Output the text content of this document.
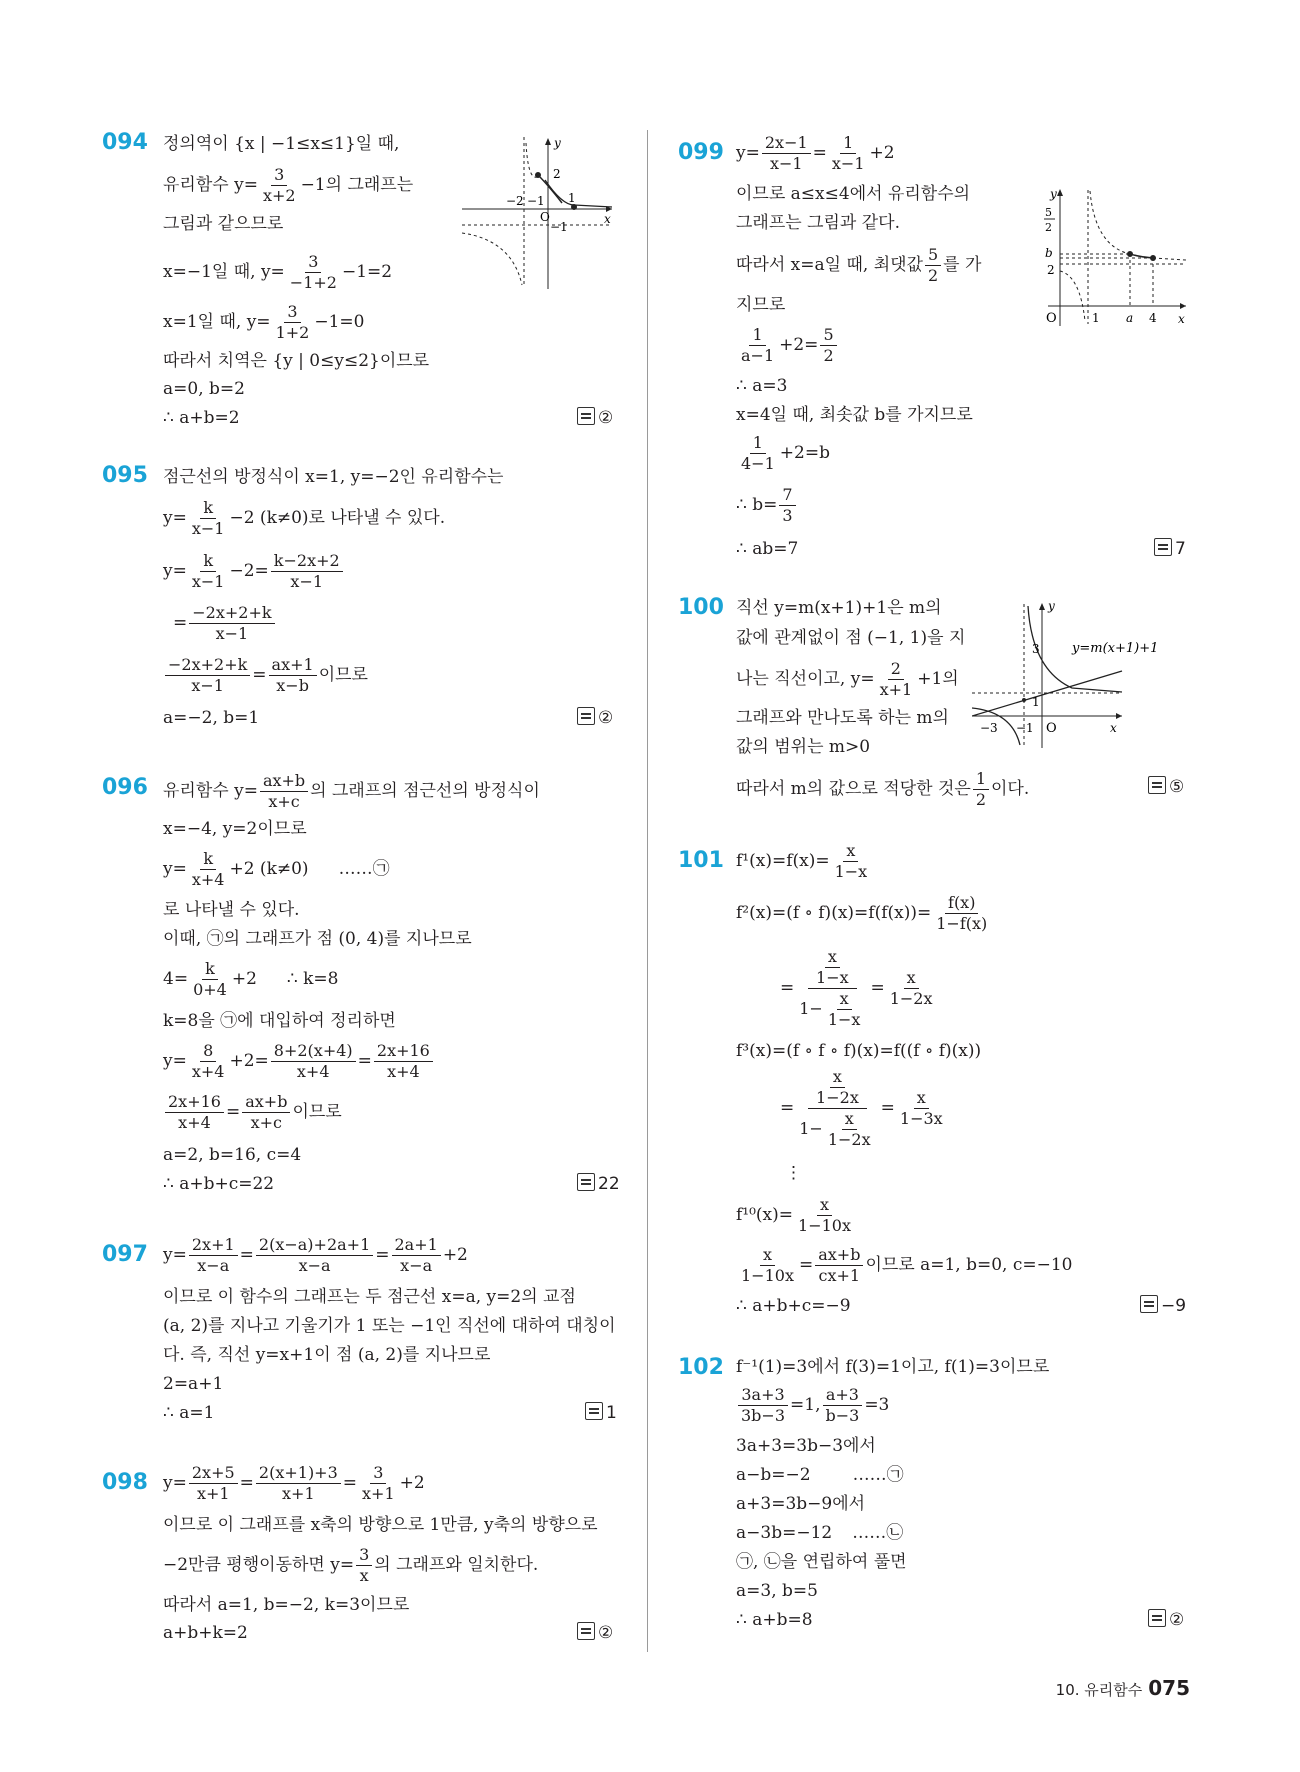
094 정의역이 {x | −1≤x≤1}일 때,
유리함수 $y= \frac{3}{x+2} -1$의 그래프는
그림과 같으므로
x=−1일 때, $y= \frac{3}{-1+2} -1=2$
x=1일 때, $y= \frac{3}{1+2} -1=0$
따라서 치역은 {y | 0≤y≤2}이므로
a=0, b=2
∴ a+b=2	②
y
x
O
2
1
−1
−2 −1
095 점근선의 방정식이 x=1, y=−2인 유리함수는
$y= \frac{k}{x-1} -2$ (k≠0)로 나타낼 수 있다.
$y= \frac{k}{x-1} -2= \frac{k-2x+2}{x-1}$
= $\frac{-2x+2+k}{x-1}$
$\frac{-2x+2+k}{x-1} = \frac{ax+1}{x-b}$ 이므로
a=−2, b=1	②
096 유리함수 $y= \frac{ax+b}{x+c}$ 의 그래프의 점근선의 방정식이
x=−4, y=2이므로
$y= \frac{k}{x+4} +2$ (k≠0) ……㉠
로 나타낼 수 있다.
이때, ㉠의 그래프가 점 (0, 4)를 지나므로
$4= \frac{k}{0+4} +2$ ∴ k=8
k=8을 ㉠에 대입하여 정리하면
$y= \frac{8}{x+4} +2= \frac{8+2(x+4)}{x+4} = \frac{2x+16}{x+4}$
$\frac{2x+16}{x+4} = \frac{ax+b}{x+c}$ 이므로
a=2, b=16, c=4
∴ a+b+c=22	22
097 $y= \frac{2x+1}{x-a} = \frac{2(x-a)+2a+1}{x-a} = \frac{2a+1}{x-a} +2$
이므로 이 함수의 그래프는 두 점근선 x=a, y=2의 교점
(a, 2)를 지나고 기울기가 1 또는 −1인 직선에 대하여 대칭이
다. 즉, 직선 y=x+1이 점 (a, 2)를 지나므로
2=a+1
∴ a=1	1
098 $y= \frac{2x+5}{x+1} = \frac{2(x+1)+3}{x+1} = \frac{3}{x+1} +2$
이므로 이 그래프를 x축의 방향으로 1만큼, y축의 방향으로
−2만큼 평행이동하면 $y= \frac{3}{x}$ 의 그래프와 일치한다.
따라서 a=1, b=−2, k=3이므로
a+b+k=2	②
099 $y= \frac{2x-1}{x-1} = \frac{1}{x-1} +2$
이므로 a≤x≤4에서 유리함수의
그래프는 그림과 같다.
따라서 x=a일 때, 최댓값 $\frac{5}{2}$ 를 가
지므로
$\frac{1}{a-1} +2= \frac{5}{2}$
∴ a=3
x=4일 때, 최솟값 b를 가지므로
$\frac{1}{4-1} +2=b$
∴ $b= \frac{7}{3}$
∴ ab=7	7
y
x
O	1 a 4
b
2
5
2
100 직선 y=m(x+1)+1은 m의
값에 관계없이 점 (−1, 1)을 지
나는 직선이고, $y= \frac{2}{x+1} +1$의
그래프와 만나도록 하는 m의
값의 범위는 m>0
따라서 m의 값으로 적당한 것은 $\frac{1}{2}$ 이다.	⑤
y
x
O
3
1
−3 −1
y=m(x+1)+1
101 $f^1(x)=f(x)= \frac{x}{1-x}$
f²(x)=(f ∘ $f)(x)=f(f(x))= \frac{f(x)}{1-f(x)}$
= $\frac{\frac{x}{1-x}}{1- \frac{x}{1-x}} = \frac{x}{1-2x}$
f³(x)=(f ∘ f ∘ f)(x)=f((f ∘ f)(x))
= $\frac{\frac{x}{1-2x}}{1- \frac{x}{1-2x}} = \frac{x}{1-3x}$
⋮
$f^{10}(x)= \frac{x}{1-10x}$
$\frac{x}{1-10x} = \frac{ax+b}{cx+1}$ 이므로 a=1, b=0, c=−10
∴ a+b+c=−9	−9
102 f⁻¹(1)=3에서 f(3)=1이고, f(1)=3이므로
$\frac{3a+3}{3b-3} =1$, $\frac{a+3}{b-3} =3$
3a+3=3b−3에서
a−b=−2 ……㉠
a+3=3b−9에서
a−3b=−12 ……㉡
㉠, ㉡을 연립하여 풀면
a=3, b=5
∴ a+b=8	②
10. 유리함수 075
